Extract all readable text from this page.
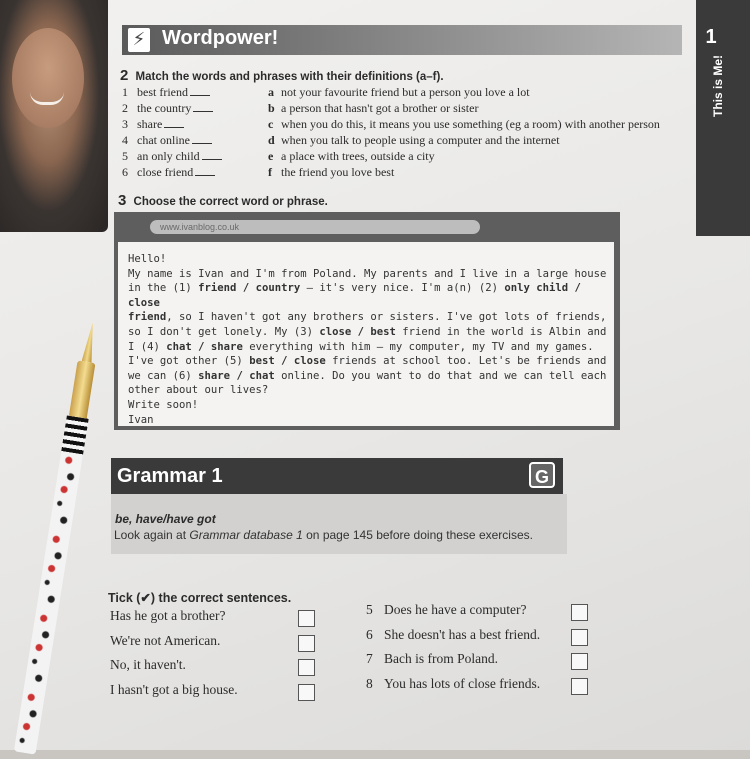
1
This is Me!
⚡ Wordpower!
2 Match the words and phrases with their definitions (a–f).
1 best friend
2 the country
3 share
4 chat online
5 an only child
6 close friend
a not your favourite friend but a person you love a lot
b a person that hasn't got a brother or sister
c when you do this, it means you use something (eg a room) with another person
d when you talk to people using a computer and the internet
e a place with trees, outside a city
f the friend you love best
3 Choose the correct word or phrase.
www.ivanblog.co.uk
Hello!
My name is Ivan and I'm from Poland. My parents and I live in a large house
in the (1) friend / country – it's very nice. I'm a(n) (2) only child / close
friend, so I haven't got any brothers or sisters. I've got lots of friends,
so I don't get lonely. My (3) close / best friend in the world is Albin and
I (4) chat / share everything with him – my computer, my TV and my games.
I've got other (5) best / close friends at school too. Let's be friends and
we can (6) share / chat online. Do you want to do that and we can tell each
other about our lives?
Write soon!
Ivan
Grammar 1	G
be, have/have got
Look again at Grammar database 1 on page 145 before doing these exercises.
Tick (✔) the correct sentences.
Has he got a brother?
We're not American.
No, it haven't.
I hasn't got a big house.
5 Does he have a computer?
6 She doesn't has a best friend.
7 Bach is from Poland.
8 You has lots of close friends.
